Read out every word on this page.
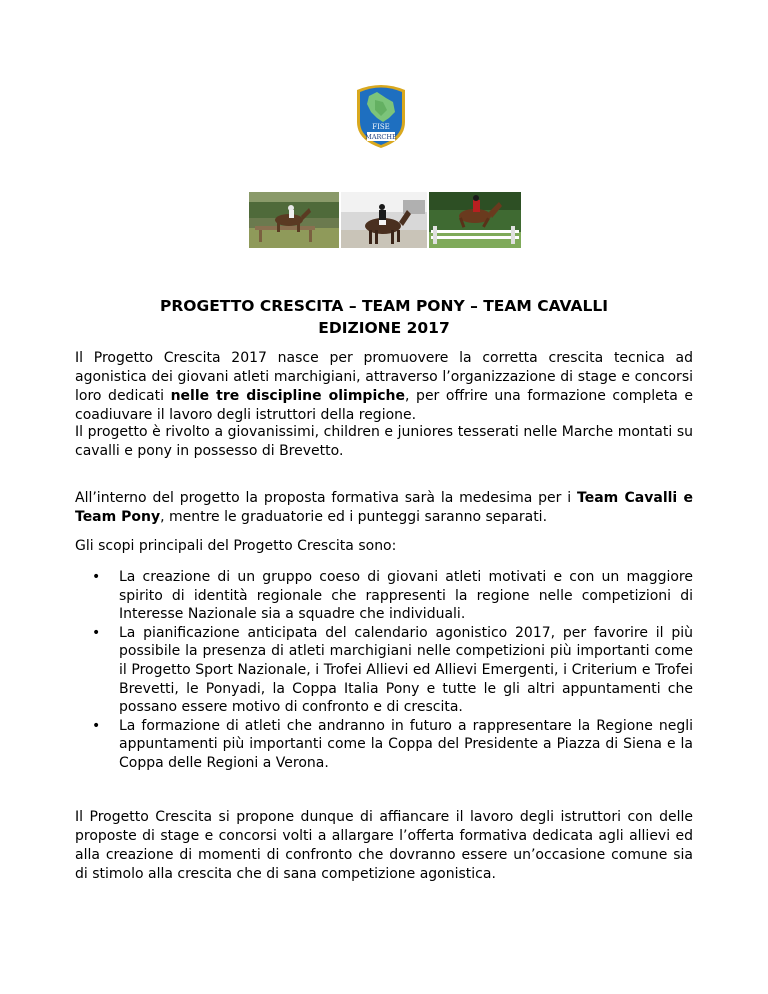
FISE
MARCHE
PROGETTO CRESCITA – TEAM PONY – TEAM CAVALLI
EDIZIONE 2017

Il Progetto Crescita 2017 nasce per promuovere la corretta crescita tecnica ad agonistica dei giovani atleti marchigiani, attraverso l’organizzazione di stage e concorsi loro dedicati nelle tre discipline olimpiche, per offrire una formazione completa e coadiuvare il lavoro degli istruttori della regione.

Il progetto è rivolto a giovanissimi, children e juniores tesserati nelle Marche montati su cavalli e pony in possesso di Brevetto.

All’interno del progetto la proposta formativa sarà la medesima per i Team Cavalli e Team Pony, mentre le graduatorie ed i punteggi saranno separati.

Gli scopi principali del Progetto Crescita sono:

• La creazione di un gruppo coeso di giovani atleti motivati e con un maggiore spirito di identità regionale che rappresenti la regione nelle competizioni di Interesse Nazionale sia a squadre che individuali.
• La pianificazione anticipata del calendario agonistico 2017, per favorire il più possibile la presenza di atleti marchigiani nelle competizioni più importanti come il Progetto Sport Nazionale, i Trofei Allievi ed Allievi Emergenti, i Criterium e Trofei Brevetti, le Ponyadi, la Coppa Italia Pony e tutte le gli altri appuntamenti che possano essere motivo di confronto e di crescita.
• La formazione di atleti che andranno in futuro a rappresentare la Regione negli appuntamenti più importanti come la Coppa del Presidente a Piazza di Siena e la Coppa delle Regioni a Verona.

Il Progetto Crescita si propone dunque di affiancare il lavoro degli istruttori con delle proposte di stage e concorsi volti a allargare l’offerta formativa dedicata agli allievi ed alla creazione di momenti di confronto che dovranno essere un’occasione comune sia di stimolo alla crescita che di sana competizione agonistica.
